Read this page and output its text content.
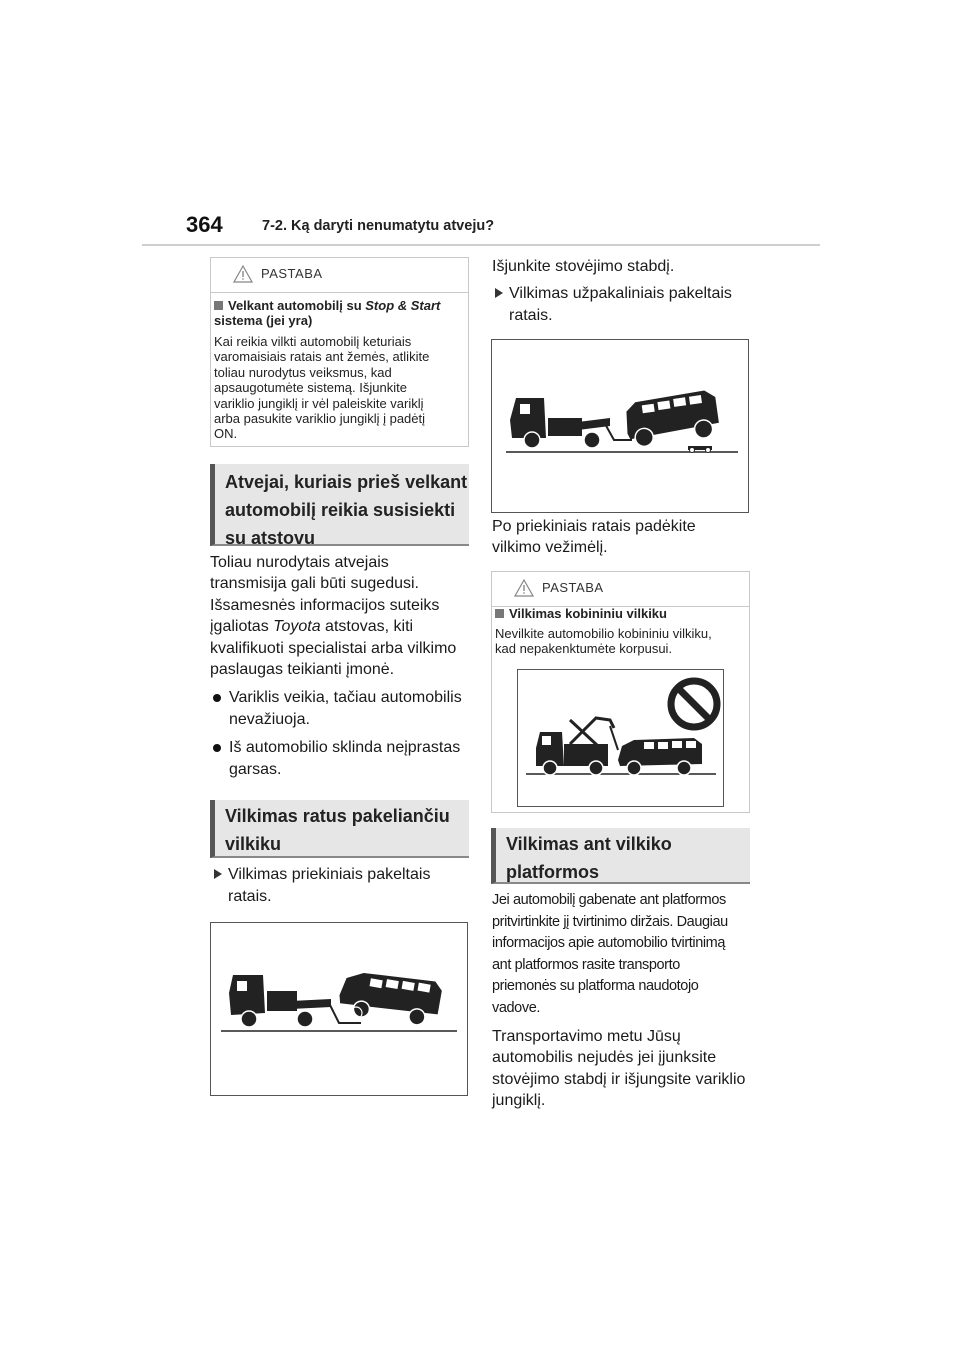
364	7-2. Ką daryti nenumatytu atveju?
PASTABA
Velkant automobilį su Stop & Start sistema (jei yra)
Kai reikia vilkti automobilį keturiais
varomaisiais ratais ant žemės, atlikite
toliau nurodytus veiksmus, kad
apsaugotumėte sistemą. Išjunkite
variklio jungiklį ir vėl paleiskite variklį
arba pasukite variklio jungiklį į padėtį
ON.
Atvejai, kuriais prieš velkant
automobilį reikia susisiekti
su atstovu
Toliau nurodytais atvejais
transmisija gali būti sugedusi.
Išsamesnės informacijos suteiks
įgaliotas Toyota atstovas, kiti
kvalifikuoti specialistai arba vilkimo
paslaugas teikianti įmonė.
Variklis veikia, tačiau automobilis
nevažiuoja.
Iš automobilio sklinda neįprastas
garsas.
Vilkimas ratus pakeliančiu
vilkiku
Vilkimas priekiniais pakeltais
ratais.
Išjunkite stovėjimo stabdį.
Vilkimas užpakaliniais pakeltais
ratais.
Po priekiniais ratais padėkite
vilkimo vežimėlį.
PASTABA
Vilkimas kobininiu vilkiku
Nevilkite automobilio kobininiu vilkiku,
kad nepakenktumėte korpusui.
Vilkimas ant vilkiko
platformos
Jei automobilį gabenate ant platformos
pritvirtinkite jį tvirtinimo diržais. Daugiau
informacijos apie automobilio tvirtinimą
ant platformos rasite transporto
priemonės su platforma naudotojo
vadove.
Transportavimo metu Jūsų
automobilis nejudės jei įjunksite
stovėjimo stabdį ir išjungsite variklio
jungiklį.
